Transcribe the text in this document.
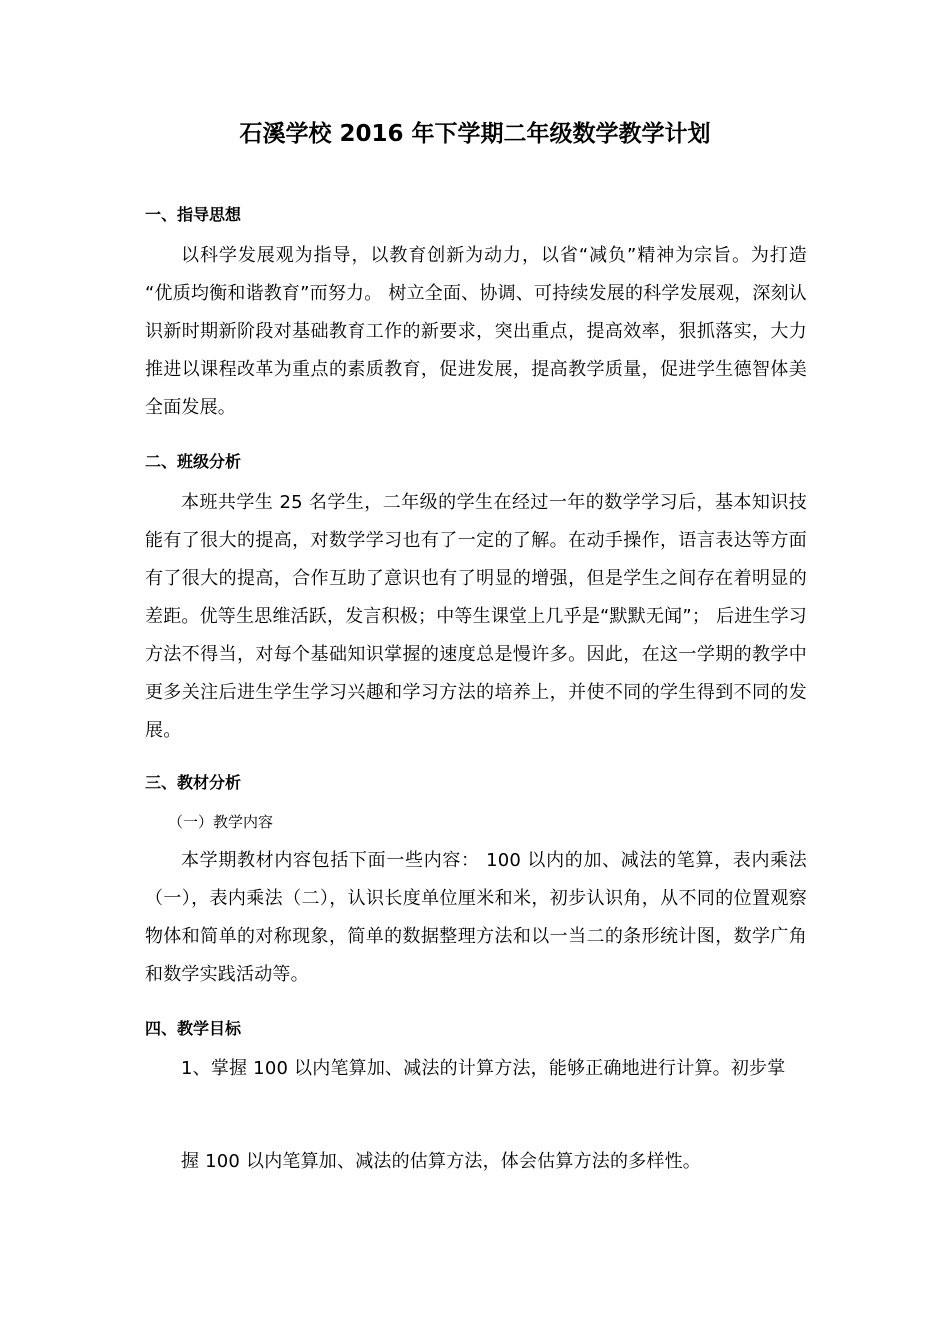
石溪学校 2016 年下学期二年级数学教学计划
一、指导思想
以科学发展观为指导，以教育创新为动力，以省“减负”精神为宗旨。为打造 “优质均衡和谐教育”而努力。 树立全面、协调、可持续发展的科学发展观，深刻认识新时期新阶段对基础教育工作的新要求，突出重点，提高效率，狠抓落实，大力推进以课程改革为重点的素质教育，促进发展，提高教学质量，促进学生德智体美全面发展。
二、班级分析
本班共学生 25 名学生，二年级的学生在经过一年的数学学习后，基本知识技能有了很大的提高，对数学学习也有了一定的了解。在动手操作，语言表达等方面有了很大的提高，合作互助了意识也有了明显的增强，但是学生之间存在着明显的差距。优等生思维活跃，发言积极；中等生课堂上几乎是“默默无闻”； 后进生学习方法不得当，对每个基础知识掌握的速度总是慢许多。因此，在这一学期的教学中更多关注后进生学生学习兴趣和学习方法的培养上，并使不同的学生得到不同的发展。
三、教材分析
（一）教学内容
本学期教材内容包括下面一些内容： 100 以内的加、减法的笔算，表内乘法（一），表内乘法（二），认识长度单位厘米和米，初步认识角，从不同的位置观察物体和简单的对称现象，简单的数据整理方法和以一当二的条形统计图，数学广角和数学实践活动等。
四、教学目标
1、掌握 100 以内笔算加、减法的计算方法，能够正确地进行计算。初步掌
握 100 以内笔算加、减法的估算方法，体会估算方法的多样性。
